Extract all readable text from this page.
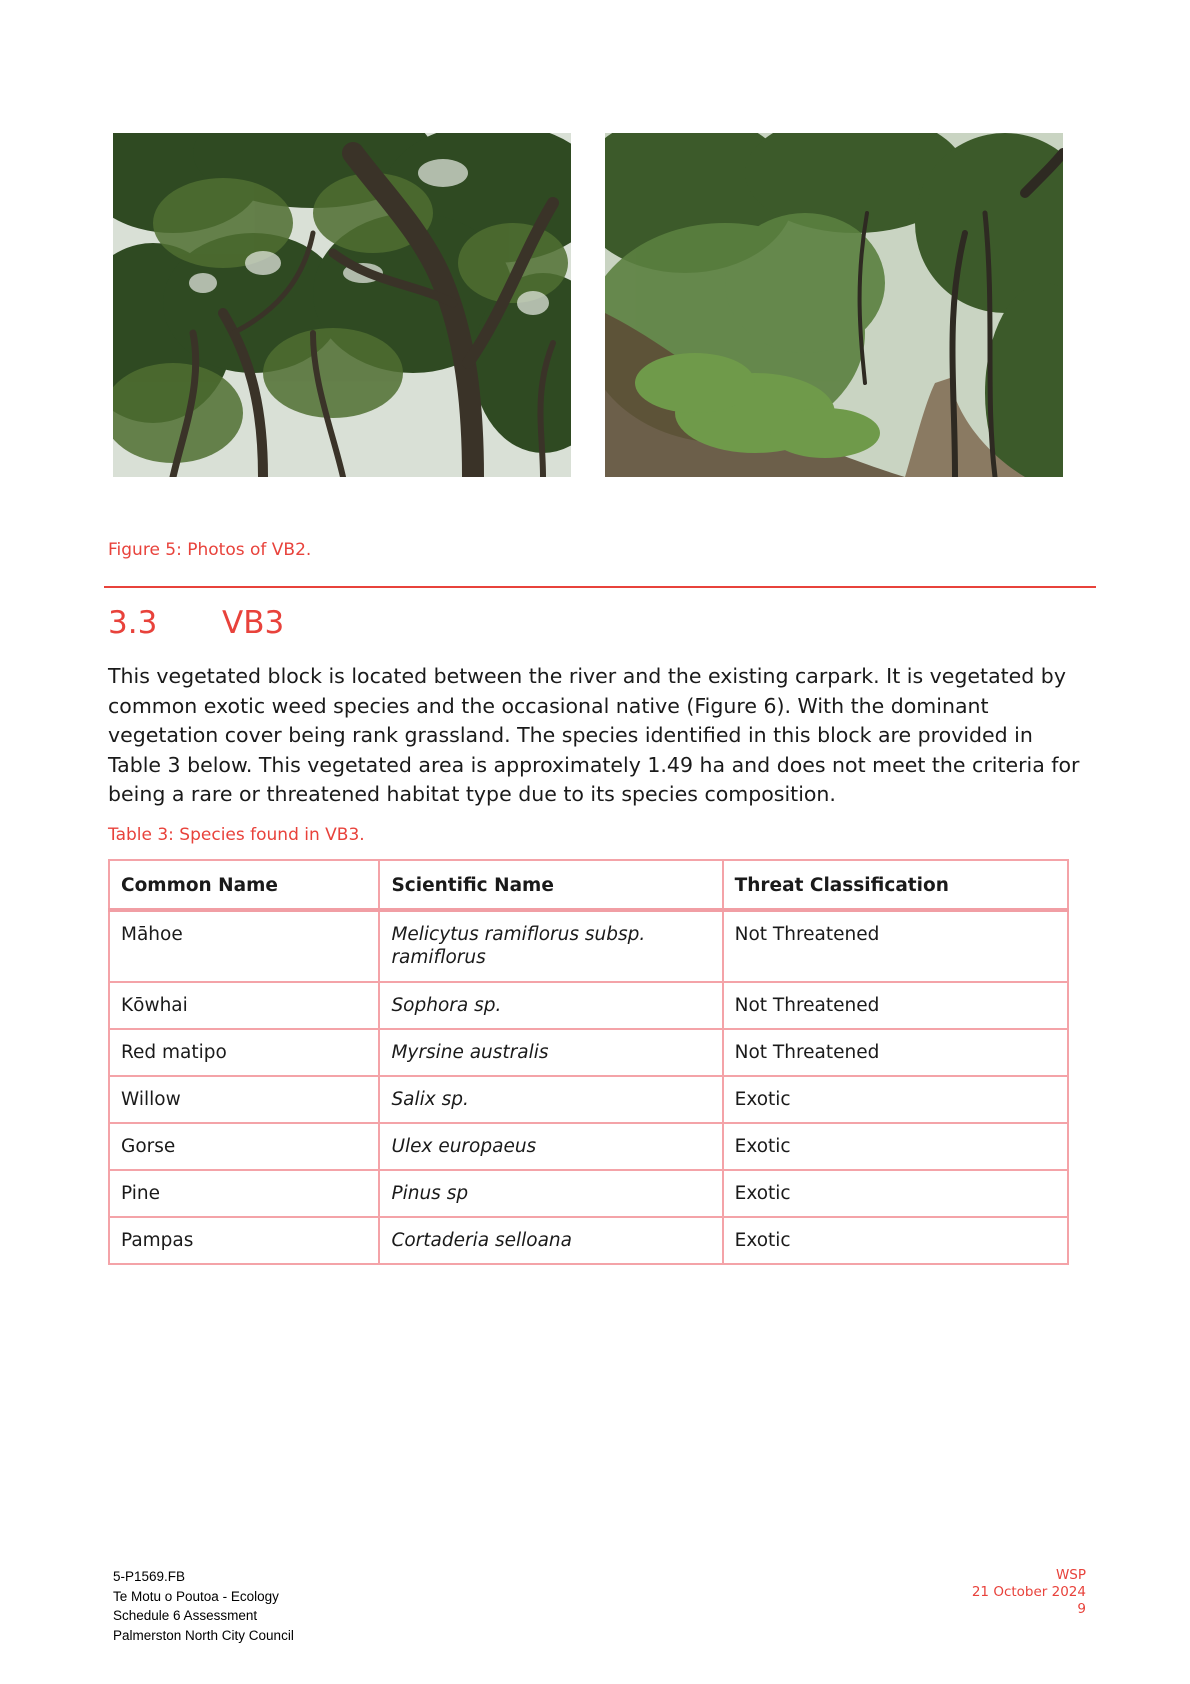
Figure 5: Photos of VB2.
3.3 VB3

This vegetated block is located between the river and the existing carpark. It is vegetated by common exotic weed species and the occasional native (Figure 6). With the dominant vegetation cover being rank grassland. The species identified in this block are provided in Table 3 below. This vegetated area is approximately 1.49 ha and does not meet the criteria for being a rare or threatened habitat type due to its species composition.

Table 3: Species found in VB3.
Common Name	Scientific Name	Threat Classification
Māhoe	Melicytus ramiflorus subsp. ramiflorus	Not Threatened
Kōwhai	Sophora sp.	Not Threatened
Red matipo	Myrsine australis	Not Threatened
Willow	Salix sp.	Exotic
Gorse	Ulex europaeus	Exotic
Pine	Pinus sp	Exotic
Pampas	Cortaderia selloana	Exotic
5-P1569.FB
Te Motu o Poutoa - Ecology
Schedule 6 Assessment
Palmerston North City Council
WSP
21 October 2024
9
